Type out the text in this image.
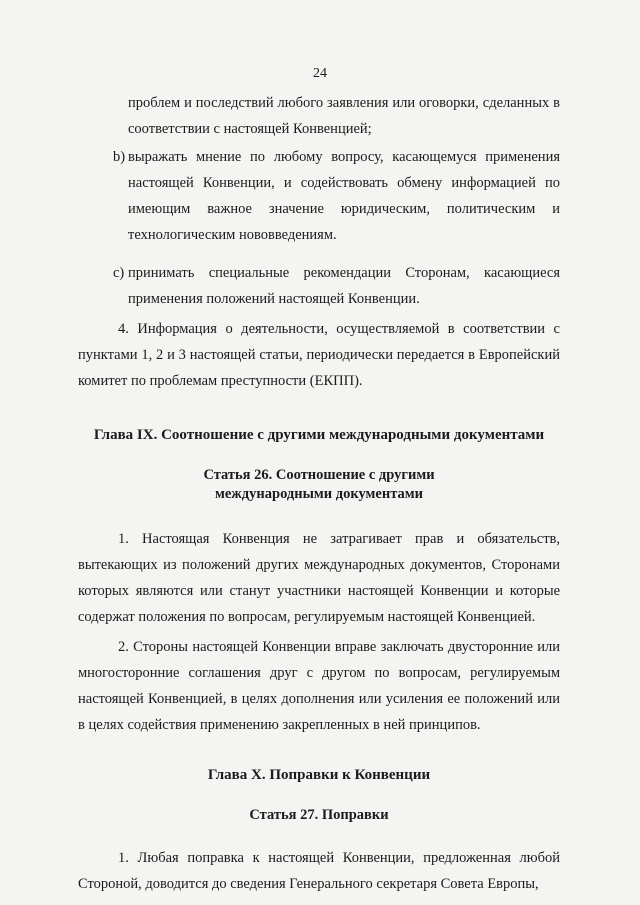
24

проблем и последствий любого заявления или оговорки, сделанных в соответствии с настоящей Конвенцией;

b) выражать мнение по любому вопросу, касающемуся применения настоящей Конвенции, и содействовать обмену информацией по имеющим важное значение юридическим, политическим и технологическим нововведениям.

c) принимать специальные рекомендации Сторонам, касающиеся применения положений настоящей Конвенции.

4. Информация о деятельности, осуществляемой в соответствии с пунктами 1, 2 и 3 настоящей статьи, периодически передается в Европейский комитет по проблемам преступности (ЕКПП).

Глава IX. Соотношение с другими международными документами
Статья 26. Соотношение с другими
международными документами

1. Настоящая Конвенция не затрагивает прав и обязательств, вытекающих из положений других международных документов, Сторонами которых являются или станут участники настоящей Конвенции и которые содержат положения по вопросам, регулируемым настоящей Конвенцией.

2. Стороны настоящей Конвенции вправе заключать двусторонние или многосторонние соглашения друг с другом по вопросам, регулируемым настоящей Конвенцией, в целях дополнения или усиления ее положений или в целях содействия применению закрепленных в ней принципов.

Глава X. Поправки к Конвенции
Статья 27. Поправки

1. Любая поправка к настоящей Конвенции, предложенная любой Стороной, доводится до сведения Генерального секретаря Совета Европы,
